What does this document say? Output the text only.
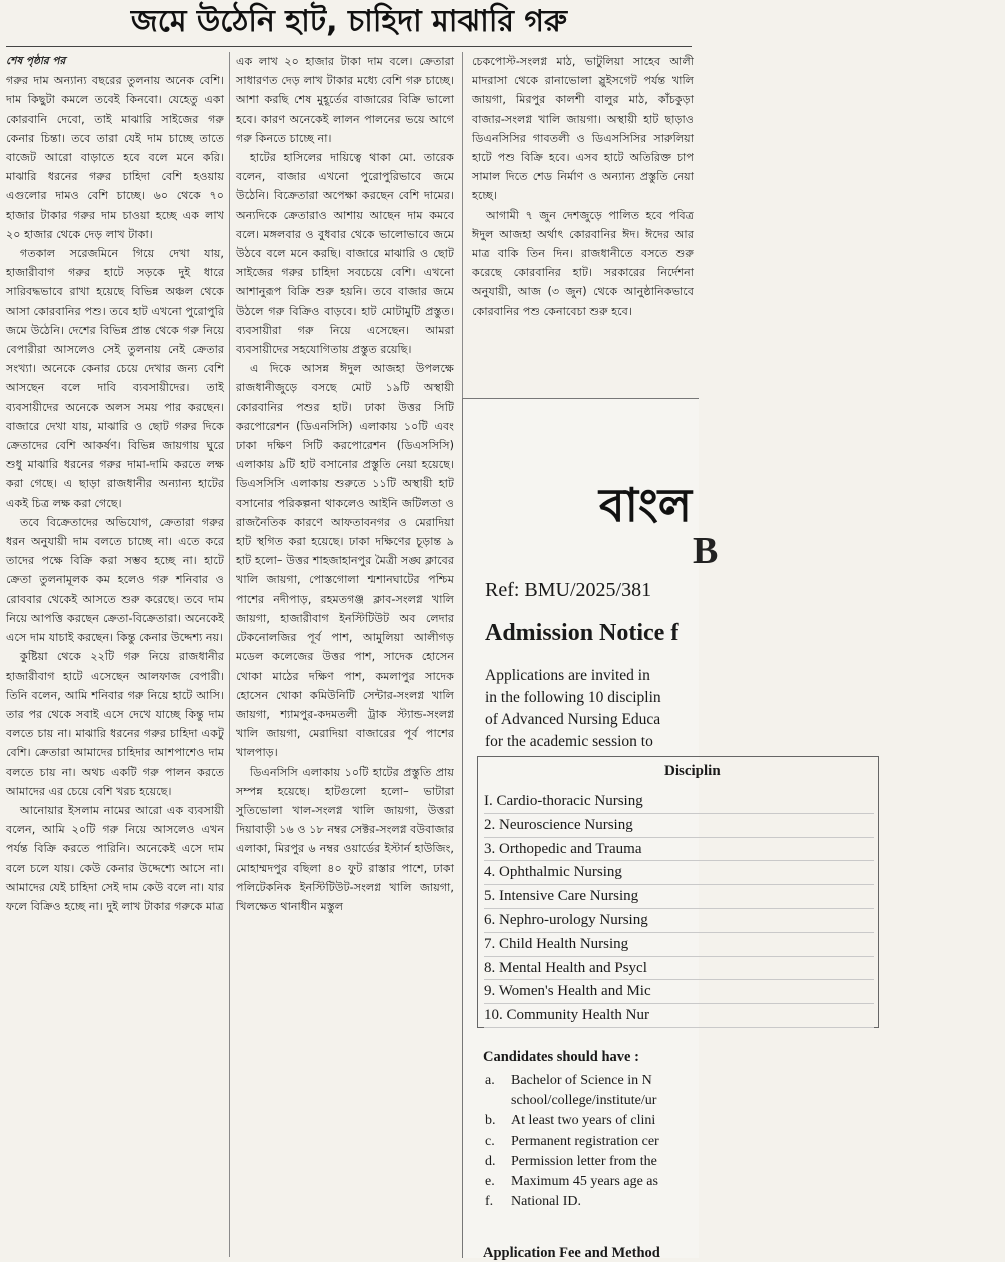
জমে উঠেনি হাট, চাহিদা মাঝারি গরু

শেষ পৃষ্ঠার পর

গরুর দাম অন্যান্য বছরের তুলনায় অনেক বেশি। দাম কিছুটা কমলে তবেই কিনবো। যেহেতু একা কোরবানি দেবো, তাই মাঝারি সাইজের গরু কেনার চিন্তা। তবে তারা যেই দাম চাচ্ছে তাতে বাজেট আরো বাড়াতে হবে বলে মনে করি। মাঝারি ধরনের গরুর চাহিদা বেশি হওয়ায় এগুলোর দামও বেশি চাচ্ছে। ৬০ থেকে ৭০ হাজার টাকার গরুর দাম চাওয়া হচ্ছে এক লাখ ২০ হাজার থেকে দেড় লাখ টাকা।

গতকাল সরেজমিনে গিয়ে দেখা যায়, হাজারীবাগ গরুর হাটে সড়কে দুই ধারে সারিবদ্ধভাবে রাখা হয়েছে বিভিন্ন অঞ্চল থেকে আসা কোরবানির পশু। তবে হাট এখনো পুরোপুরি জমে উঠেনি। দেশের বিভিন্ন প্রান্ত থেকে গরু নিয়ে বেপারীরা আসলেও সেই তুলনায় নেই ক্রেতার সংখ্যা। অনেকে কেনার চেয়ে দেখার জন্য বেশি আসছেন বলে দাবি ব্যবসায়ীদের। তাই ব্যবসায়ীদের অনেকে অলস সময় পার করছেন। বাজারে দেখা যায়, মাঝারি ও ছোট গরুর দিকে ক্রেতাদের বেশি আকর্ষণ। বিভিন্ন জায়গায় ঘুরে শুধু মাঝারি ধরনের গরুর দামা-দামি করতে লক্ষ করা গেছে। এ ছাড়া রাজধানীর অন্যান্য হাটের একই চিত্র লক্ষ করা গেছে।

তবে বিক্রেতাদের অভিযোগ, ক্রেতারা গরুর ধরন অনুযায়ী দাম বলতে চাচ্ছে না। এতে করে তাদের পক্ষে বিক্রি করা সম্ভব হচ্ছে না। হাটে ক্রেতা তুলনামূলক কম হলেও গরু শনিবার ও রোববার থেকেই আসতে শুরু করেছে। তবে দাম নিয়ে আপত্তি করছেন ক্রেতা-বিক্রেতারা। অনেকেই এসে দাম যাচাই করছেন। কিন্তু কেনার উদ্দেশ্য নয়।

কুষ্টিয়া থেকে ২২টি গরু নিয়ে রাজধানীর হাজারীবাগ হাটে এসেছেন আলফাজ বেপারী। তিনি বলেন, আমি শনিবার গরু নিয়ে হাটে আসি। তার পর থেকে সবাই এসে দেখে যাচ্ছে কিন্তু দাম বলতে চায় না। মাঝারি ধরনের গরুর চাহিদা একটু বেশি। ক্রেতারা আমাদের চাহিদার আশপাশেও দাম বলতে চায় না। অথচ একটি গরু পালন করতে আমাদের এর চেয়ে বেশি খরচ হয়েছে।

আনোয়ার ইসলাম নামের আরো এক ব্যবসায়ী বলেন, আমি ২০টি গরু নিয়ে আসলেও এখন পর্যন্ত বিক্রি করতে পারিনি। অনেকেই এসে দাম বলে চলে যায়। কেউ কেনার উদ্দেশ্যে আসে না। আমাদের যেই চাহিদা সেই দাম কেউ বলে না। যার ফলে বিক্রিও হচ্ছে না। দুই লাখ টাকার গরুকে মাত্র

এক লাখ ২০ হাজার টাকা দাম বলে। ক্রেতারা সাধারণত দেড় লাখ টাকার মধ্যে বেশি গরু চাচ্ছে। আশা করছি শেষ মুহূর্তের বাজারের বিক্রি ভালো হবে। কারণ অনেকেই লালন পালনের ভয়ে আগে গরু কিনতে চাচ্ছে না।

হাটের হাসিলের দায়িত্বে থাকা মো. তারেক বলেন, বাজার এখনো পুরোপুরিভাবে জমে উঠেনি। বিক্রেতারা অপেক্ষা করছেন বেশি দামের। অন্যদিকে ক্রেতারাও আশায় আছেন দাম কমবে বলে। মঙ্গলবার ও বুধবার থেকে ভালোভাবে জমে উঠবে বলে মনে করছি। বাজারে মাঝারি ও ছোট সাইজের গরুর চাহিদা সবচেয়ে বেশি। এখনো আশানুরূপ বিক্রি শুরু হয়নি। তবে বাজার জমে উঠলে গরু বিক্রিও বাড়বে। হাট মোটামুটি প্রস্তুত। ব্যবসায়ীরা গরু নিয়ে এসেছেন। আমরা ব্যবসায়ীদের সহযোগিতায় প্রস্তুত রয়েছি।

এ দিকে আসন্ন ঈদুল আজহা উপলক্ষে রাজধানীজুড়ে বসছে মোট ১৯টি অস্থায়ী কোরবানির পশুর হাট। ঢাকা উত্তর সিটি করপোরেশন (ডিএনসিসি) এলাকায় ১০টি এবং ঢাকা দক্ষিণ সিটি করপোরেশন (ডিএসসিসি) এলাকায় ৯টি হাট বসানোর প্রস্তুতি নেয়া হয়েছে। ডিএসসিসি এলাকায় শুরুতে ১১টি অস্থায়ী হাট বসানোর পরিকল্পনা থাকলেও আইনি জটিলতা ও রাজনৈতিক কারণে আফতাবনগর ও মেরাদিয়া হাট স্থগিত করা হয়েছে। ঢাকা দক্ষিণের চূড়ান্ত ৯ হাট হলো– উত্তর শাহজাহানপুর মৈত্রী সঙ্ঘ ক্লাবের খালি জায়গা, পোস্তগোলা শ্মশানঘাটের পশ্চিম পাশের নদীপাড়, রহমতগঞ্জ ক্লাব-সংলগ্ন খালি জায়গা, হাজারীবাগ ইনস্টিটিউট অব লেদার টেকনোলজির পূর্ব পাশ, আমুলিয়া আলীগড় মডেল কলেজের উত্তর পাশ, সাদেক হোসেন খোকা মাঠের দক্ষিণ পাশ, কমলাপুর সাদেক হোসেন খোকা কমিউনিটি সেন্টার-সংলগ্ন খালি জায়গা, শ্যামপুর-কদমতলী ট্রাক স্ট্যান্ড-সংলগ্ন খালি জায়গা, মেরাদিয়া বাজারের পূর্ব পাশের খালপাড়।

ডিএনসিসি এলাকায় ১০টি হাটের প্রস্তুতি প্রায় সম্পন্ন হয়েছে। হাটগুলো হলো– ভাটারা সুতিভোলা খাল-সংলগ্ন খালি জায়গা, উত্তরা দিয়াবাড়ী ১৬ ও ১৮ নম্বর সেক্টর-সংলগ্ন বউবাজার এলাকা, মিরপুর ৬ নম্বর ওয়ার্ডের ইস্টার্ন হাউজিং, মোহাম্মদপুর বছিলা ৪০ ফুট রাস্তার পাশে, ঢাকা পলিটেকনিক ইনস্টিটিউট-সংলগ্ন খালি জায়গা, খিলক্ষেত থানাধীন মস্তুল

চেকপোস্ট-সংলগ্ন মাঠ, ভাটুলিয়া সাহেব আলী মাদরাসা থেকে রানাভোলা স্লুইসগেট পর্যন্ত খালি জায়গা, মিরপুর কালশী বালুর মাঠ, কাঁচকুড়া বাজার-সংলগ্ন খালি জায়গা। অস্থায়ী হাট ছাড়াও ডিএনসিসির গাবতলী ও ডিএসসিসির সারুলিয়া হাটে পশু বিক্রি হবে। এসব হাটে অতিরিক্ত চাপ সামাল দিতে শেড নির্মাণ ও অন্যান্য প্রস্তুতি নেয়া হচ্ছে।

আগামী ৭ জুন দেশজুড়ে পালিত হবে পবিত্র ঈদুল আজহা অর্থাৎ কোরবানির ঈদ। ঈদের আর মাত্র বাকি তিন দিন। রাজধানীতে বসতে শুরু করেছে কোরবানির হাট। সরকারের নির্দেশনা অনুযায়ী, আজ (৩ জুন) থেকে আনুষ্ঠানিকভাবে কোরবানির পশু কেনাবেচা শুরু হবে।

বাংল
B
Ref: BMU/2025/381
Admission Notice f
Applications are invited in
in the following 10 disciplin
of Advanced Nursing Educa
for the academic session to
Disciplin
I. Cardio-thoracic Nursing
2. Neuroscience Nursing
3. Orthopedic and Trauma
4. Ophthalmic Nursing
5. Intensive Care Nursing
6. Nephro-urology Nursing
7. Child Health Nursing
8. Mental Health and Psycl
9. Women's Health and Mic
10. Community Health Nur
Candidates should have :
a. Bachelor of Science in N
school/college/institute/ur
b. At least two years of clini
c. Permanent registration cer
d. Permission letter from the
e. Maximum 45 years age as
f. National ID.
Application Fee and Method
